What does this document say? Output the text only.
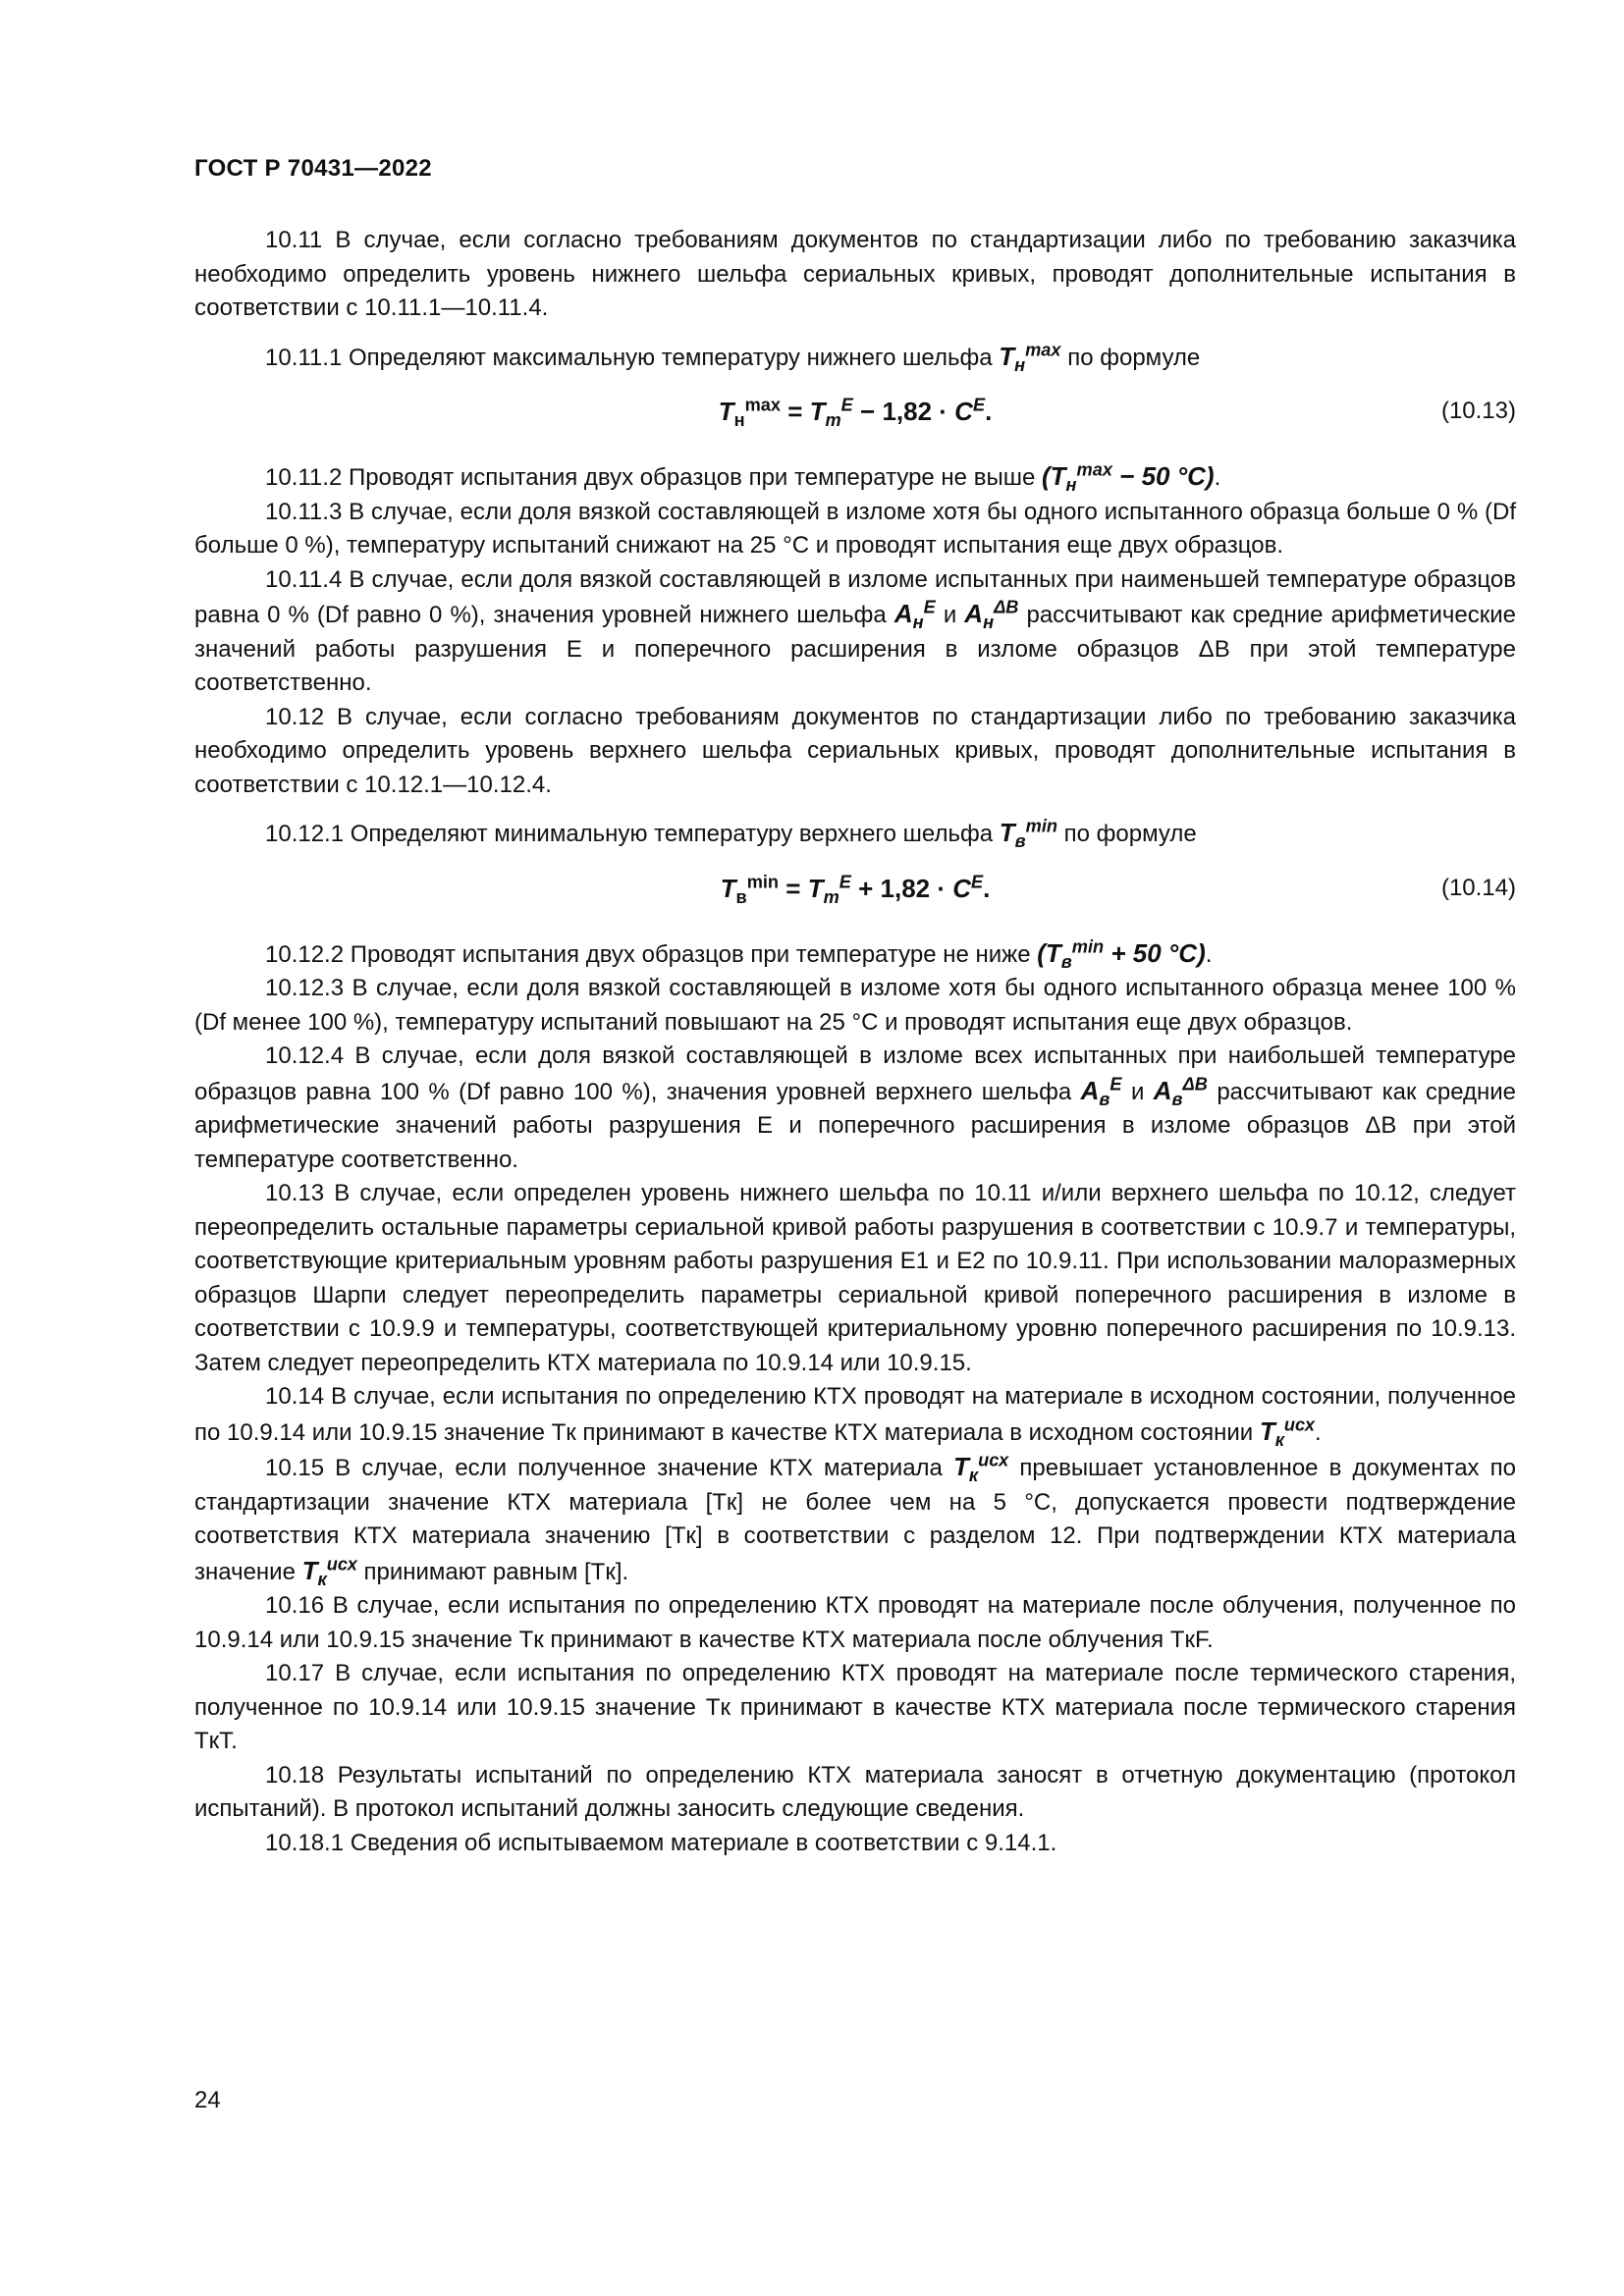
ГОСТ Р 70431—2022

10.11 В случае, если согласно требованиям документов по стандартизации либо по требованию заказчика необходимо определить уровень нижнего шельфа сериальных кривых, проводят дополнительные испытания в соответствии с 10.11.1—10.11.4.

10.11.1 Определяют максимальную температуру нижнего шельфа $T_н^{max}$ по формуле

$T_н^{max} = T_m^E - 1,82 \cdot C^E$.	(10.13)

10.11.2 Проводят испытания двух образцов при температуре не выше ($T_н^{max} - 50$ °C).

10.11.3 В случае, если доля вязкой составляющей в изломе хотя бы одного испытанного образца больше 0 % (Df больше 0 %), температуру испытаний снижают на 25 °С и проводят испытания еще двух образцов.

10.11.4 В случае, если доля вязкой составляющей в изломе испытанных при наименьшей температуре образцов равна 0 % (Df равно 0 %), значения уровней нижнего шельфа $A_н^E$ и $A_н^{\Delta B}$ рассчитывают как средние арифметические значений работы разрушения E и поперечного расширения в изломе образцов ΔB при этой температуре соответственно.

10.12 В случае, если согласно требованиям документов по стандартизации либо по требованию заказчика необходимо определить уровень верхнего шельфа сериальных кривых, проводят дополнительные испытания в соответствии с 10.12.1—10.12.4.

10.12.1 Определяют минимальную температуру верхнего шельфа $T_в^{min}$ по формуле

$T_в^{min} = T_m^E + 1,82 \cdot C^E$.	(10.14)

10.12.2 Проводят испытания двух образцов при температуре не ниже ($T_в^{min} + 50$ °C).

10.12.3 В случае, если доля вязкой составляющей в изломе хотя бы одного испытанного образца менее 100 % (Df менее 100 %), температуру испытаний повышают на 25 °С и проводят испытания еще двух образцов.

10.12.4 В случае, если доля вязкой составляющей в изломе всех испытанных при наибольшей температуре образцов равна 100 % (Df равно 100 %), значения уровней верхнего шельфа $A_в^E$ и $A_в^{\Delta B}$ рассчитывают как средние арифметические значений работы разрушения E и поперечного расширения в изломе образцов ΔB при этой температуре соответственно.

10.13 В случае, если определен уровень нижнего шельфа по 10.11 и/или верхнего шельфа по 10.12, следует переопределить остальные параметры сериальной кривой работы разрушения в соответствии с 10.9.7 и температуры, соответствующие критериальным уровням работы разрушения E1 и E2 по 10.9.11. При использовании малоразмерных образцов Шарпи следует переопределить параметры сериальной кривой поперечного расширения в изломе в соответствии с 10.9.9 и температуры, соответствующей критериальному уровню поперечного расширения по 10.9.13. Затем следует переопределить КТХ материала по 10.9.14 или 10.9.15.

10.14 В случае, если испытания по определению КТХ проводят на материале в исходном состоянии, полученное по 10.9.14 или 10.9.15 значение Tк принимают в качестве КТХ материала в исходном состоянии $T_к^{исх}$.

10.15 В случае, если полученное значение КТХ материала $T_к^{исх}$ превышает установленное в документах по стандартизации значение КТХ материала [Tк] не более чем на 5 °С, допускается провести подтверждение соответствия КТХ материала значению [Tк] в соответствии с разделом 12. При подтверждении КТХ материала значение $T_к^{исх}$ принимают равным [Tк].

10.16 В случае, если испытания по определению КТХ проводят на материале после облучения, полученное по 10.9.14 или 10.9.15 значение Tк принимают в качестве КТХ материала после облучения TкF.

10.17 В случае, если испытания по определению КТХ проводят на материале после термического старения, полученное по 10.9.14 или 10.9.15 значение Tк принимают в качестве КТХ материала после термического старения TкT.

10.18 Результаты испытаний по определению КТХ материала заносят в отчетную документацию (протокол испытаний). В протокол испытаний должны заносить следующие сведения.

10.18.1 Сведения об испытываемом материале в соответствии с 9.14.1.

24
